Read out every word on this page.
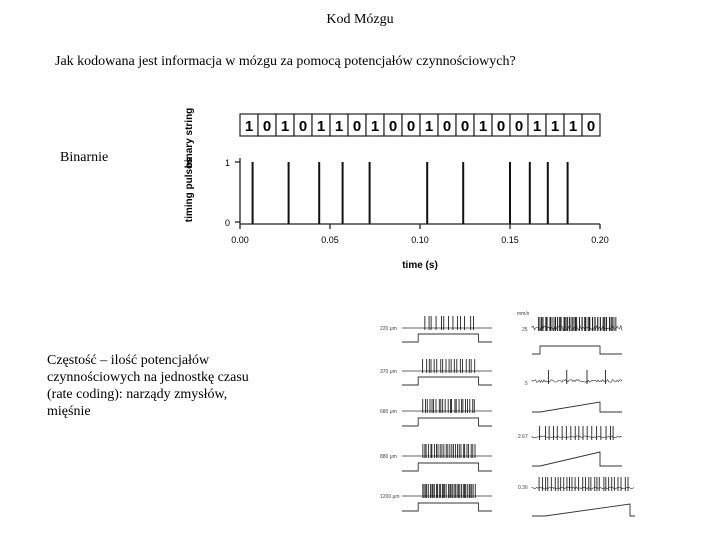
Kod Mózgu
Jak kodowana jest informacja w mózgu za pomocą potencjałów czynnościowych?
Binarnie
Częstość – ilość potencjałów czynnościowych na jednostkę czasu (rate coding): narządy zmysłów, mięśnie
binary string
timing pulses
1 0 1 0 1 1 0 1 0 0 1 0 0 1 0 0 1 1 1 0
1
0
0.00	0.05	0.10	0.15	0.20
time (s)
220 μm
370 μm
680 μm
880 μm
1200 μm
mm/s
25
5
2.67
0.36
